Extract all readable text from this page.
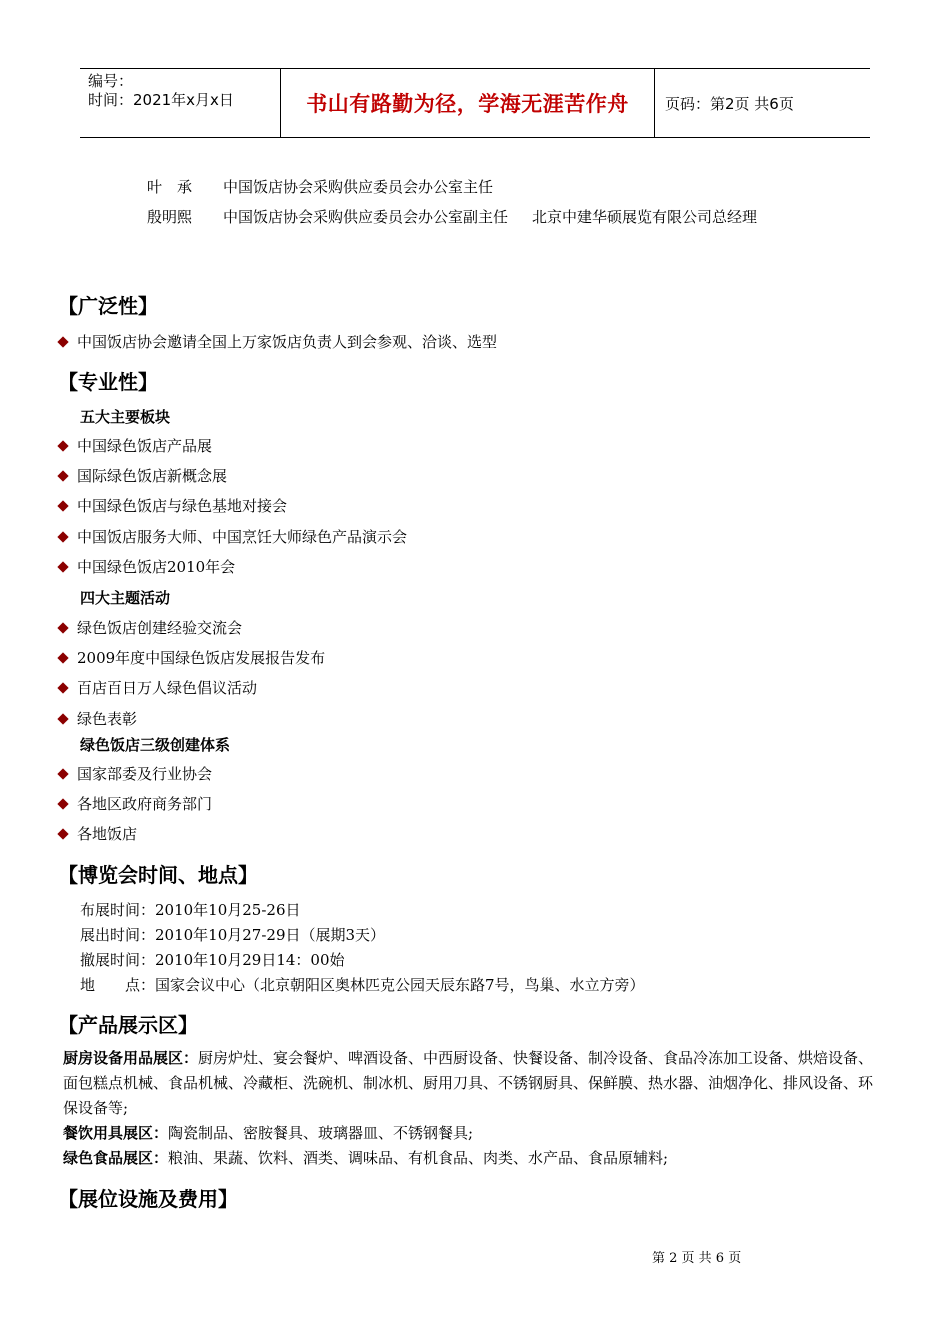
编号：
时间：2021年x月x日	书山有路勤为径，学海无涯苦作舟	页码：第2页 共6页
叶　承 中国饭店协会采购供应委员会办公室主任
殷明熙 中国饭店协会采购供应委员会办公室副主任 北京中建华硕展览有限公司总经理
【广泛性】
中国饭店协会邀请全国上万家饭店负责人到会参观、洽谈、选型
【专业性】
五大主要板块
中国绿色饭店产品展
国际绿色饭店新概念展
中国绿色饭店与绿色基地对接会
中国饭店服务大师、中国烹饪大师绿色产品演示会
中国绿色饭店2010年会
四大主题活动
绿色饭店创建经验交流会
2009年度中国绿色饭店发展报告发布
百店百日万人绿色倡议活动
绿色表彰
绿色饭店三级创建体系
国家部委及行业协会
各地区政府商务部门
各地饭店
【博览会时间、地点】
布展时间：2010年10月25-26日
展出时间：2010年10月27-29日（展期3天）
撤展时间：2010年10月29日14：00始
地　　点：国家会议中心（北京朝阳区奥林匹克公园天辰东路7号，鸟巢、水立方旁）
【产品展示区】
厨房设备用品展区：厨房炉灶、宴会餐炉、啤酒设备、中西厨设备、快餐设备、制冷设备、食品冷冻加工设备、烘焙设备、面包糕点机械、食品机械、冷藏柜、洗碗机、制冰机、厨用刀具、不锈钢厨具、保鲜膜、热水器、油烟净化、排风设备、环保设备等;
餐饮用具展区：陶瓷制品、密胺餐具、玻璃器皿、不锈钢餐具;
绿色食品展区：粮油、果蔬、饮料、酒类、调味品、有机食品、肉类、水产品、食品原辅料;
【展位设施及费用】
第 2 页 共 6 页
